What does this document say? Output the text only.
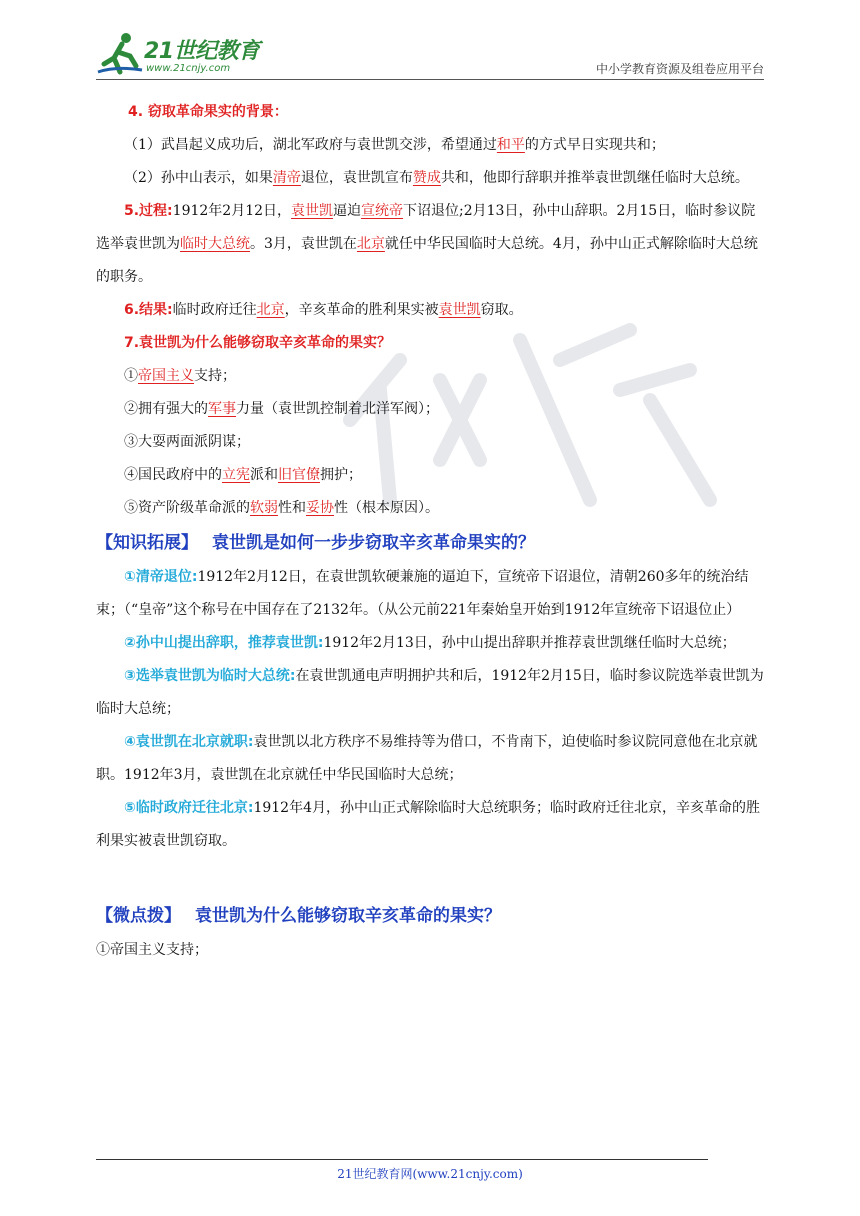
21世纪教育
www.21cnjy.com	中小学教育资源及组卷应用平台

4. 窃取革命果实的背景：

（1）武昌起义成功后，湖北军政府与袁世凯交涉，希望通过和平的方式早日实现共和；

（2）孙中山表示，如果清帝退位，袁世凯宣布赞成共和，他即行辞职并推举袁世凯继任临时大总统。

5.过程:1912年2月12日，袁世凯逼迫宣统帝下诏退位;2月13日，孙中山辞职。2月15日，临时参议院选举袁世凯为临时大总统。3月，袁世凯在北京就任中华民国临时大总统。4月，孙中山正式解除临时大总统的职务。

6.结果:临时政府迁往北京，辛亥革命的胜利果实被袁世凯窃取。

7.袁世凯为什么能够窃取辛亥革命的果实？

①帝国主义支持；

②拥有强大的军事力量（袁世凯控制着北洋军阀）；

③大耍两面派阴谋；

④国民政府中的立宪派和旧官僚拥护；

⑤资产阶级革命派的软弱性和妥协性（根本原因）。

【知识拓展】 袁世凯是如何一步步窃取辛亥革命果实的？

①清帝退位:1912年2月12日，在袁世凯软硬兼施的逼迫下，宣统帝下诏退位，清朝260多年的统治结束；（“皇帝”这个称号在中国存在了2132年。（从公元前221年秦始皇开始到1912年宣统帝下诏退位止）

②孙中山提出辞职，推荐袁世凯:1912年2月13日，孙中山提出辞职并推荐袁世凯继任临时大总统；

③选举袁世凯为临时大总统:在袁世凯通电声明拥护共和后，1912年2月15日，临时参议院选举袁世凯为临时大总统；

④袁世凯在北京就职:袁世凯以北方秩序不易维持等为借口，不肯南下，迫使临时参议院同意他在北京就职。1912年3月，袁世凯在北京就任中华民国临时大总统；

⑤临时政府迁往北京:1912年4月，孙中山正式解除临时大总统职务；临时政府迁往北京，辛亥革命的胜利果实被袁世凯窃取。

【微点拨】 袁世凯为什么能够窃取辛亥革命的果实？

①帝国主义支持；

21世纪教育网(www.21cnjy.com)
